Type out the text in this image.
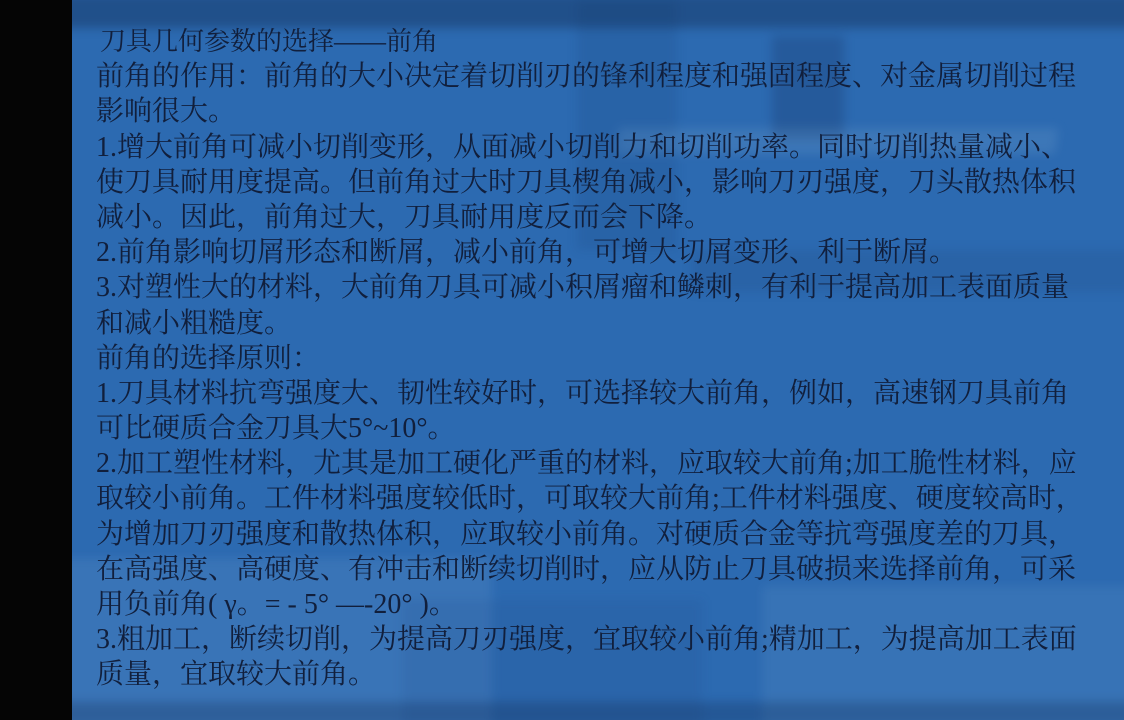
刀具几何参数的选择——前角
前角的作用：前角的大小决定着切削刃的锋利程度和强固程度、对金属切削过程
影响很大。
1.增大前角可减小切削变形，从面减小切削力和切削功率。同时切削热量减小、
使刀具耐用度提高。但前角过大时刀具楔角减小，影响刀刃强度，刀头散热体积
减小。因此，前角过大，刀具耐用度反而会下降。
2.前角影响切屑形态和断屑，减小前角，可增大切屑变形、利于断屑。
3.对塑性大的材料，大前角刀具可减小积屑瘤和鳞刺，有利于提高加工表面质量
和减小粗糙度。
前角的选择原则：
1.刀具材料抗弯强度大、韧性较好时，可选择较大前角，例如，高速钢刀具前角
可比硬质合金刀具大5°~10°。
2.加工塑性材料，尤其是加工硬化严重的材料，应取较大前角;加工脆性材料，应
取较小前角。工件材料强度较低时，可取较大前角;工件材料强度、硬度较高时，
为增加刀刃强度和散热体积，应取较小前角。对硬质合金等抗弯强度差的刀具，
在高强度、高硬度、有冲击和断续切削时，应从防止刀具破损来选择前角，可采
用负前角( γ。= - 5° —-20° )。
3.粗加工，断续切削，为提高刀刃强度，宜取较小前角;精加工，为提高加工表面
质量，宜取较大前角。
